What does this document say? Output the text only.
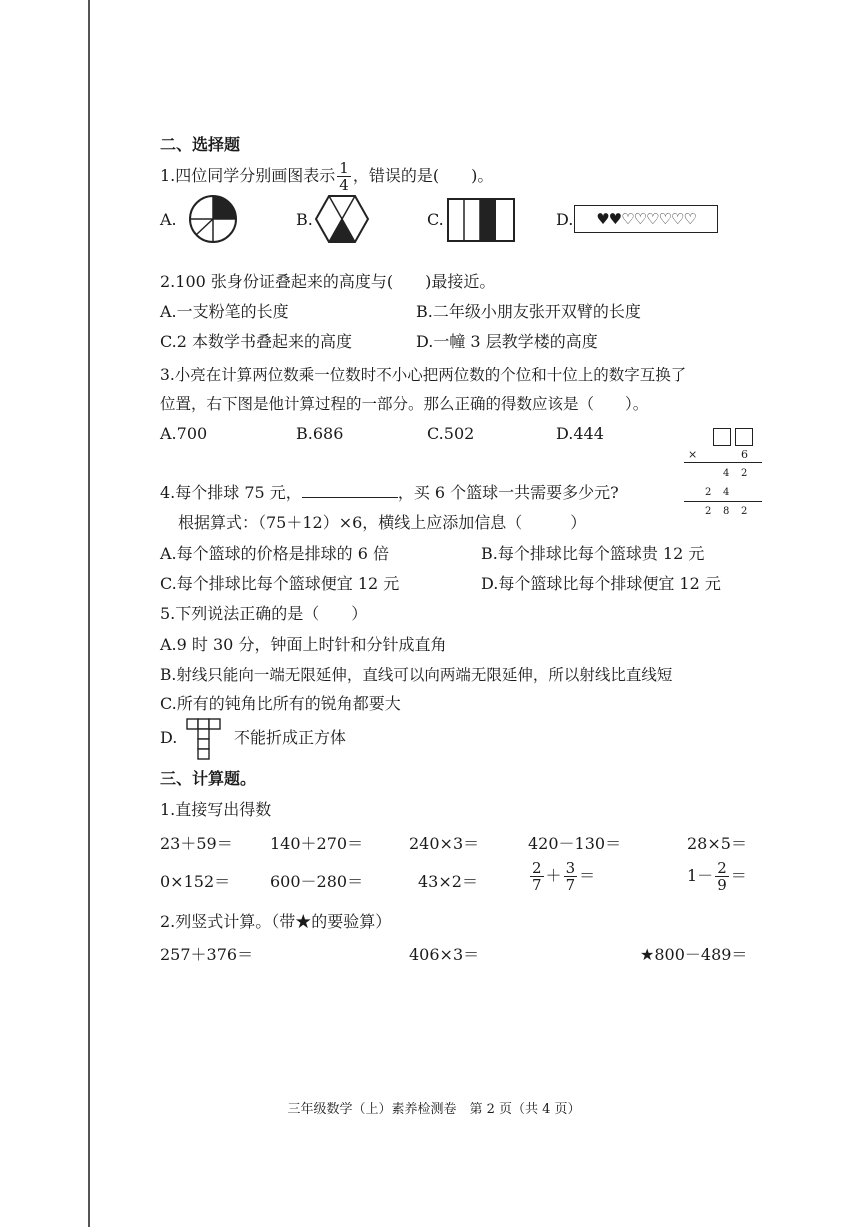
二、选择题
1.四位同学分别画图表示 $\frac{1}{4}$ ，错误的是(　　)。
A.	B.	C.	D.	♥♥♡♡♡♡♡♡
2.100 张身份证叠起来的高度与(　　)最接近。
A.一支粉笔的长度	B.二年级小朋友张开双臂的长度
C.2 本数学书叠起来的高度	D.一幢 3 层教学楼的高度
3.小亮在计算两位数乘一位数时不小心把两位数的个位和十位上的数字互换了
位置，右下图是他计算过程的一部分。那么正确的得数应该是（　　）。
A.700	B.686	C.502	D.444
×	6
4 2
2 4
2 8 2
4.每个排球 75 元，	，买 6 个篮球一共需要多少元?
根据算式：（75＋12）×6，横线上应添加信息（　　　）
A.每个篮球的价格是排球的 6 倍	B.每个排球比每个篮球贵 12 元
C.每个排球比每个篮球便宜 12 元	D.每个篮球比每个排球便宜 12 元
5.下列说法正确的是（　　）
A.9 时 30 分，钟面上时针和分针成直角
B.射线只能向一端无限延伸，直线可以向两端无限延伸，所以射线比直线短
C.所有的钝角比所有的锐角都要大
D.	不能折成正方体
三、计算题。
1.直接写出得数
23＋59＝ 140＋270＝	240×3＝	420－130＝	28×5＝
0×152＝ 600－280＝	43×2＝	$\frac{2}{7} + \frac{3}{7}$ ＝	$1- \frac{2}{9}$ ＝
2.列竖式计算。（带★的要验算）
257＋376＝	406×3＝	★800－489＝
三年级数学（上）素养检测卷　第 2 页（共 4 页）
